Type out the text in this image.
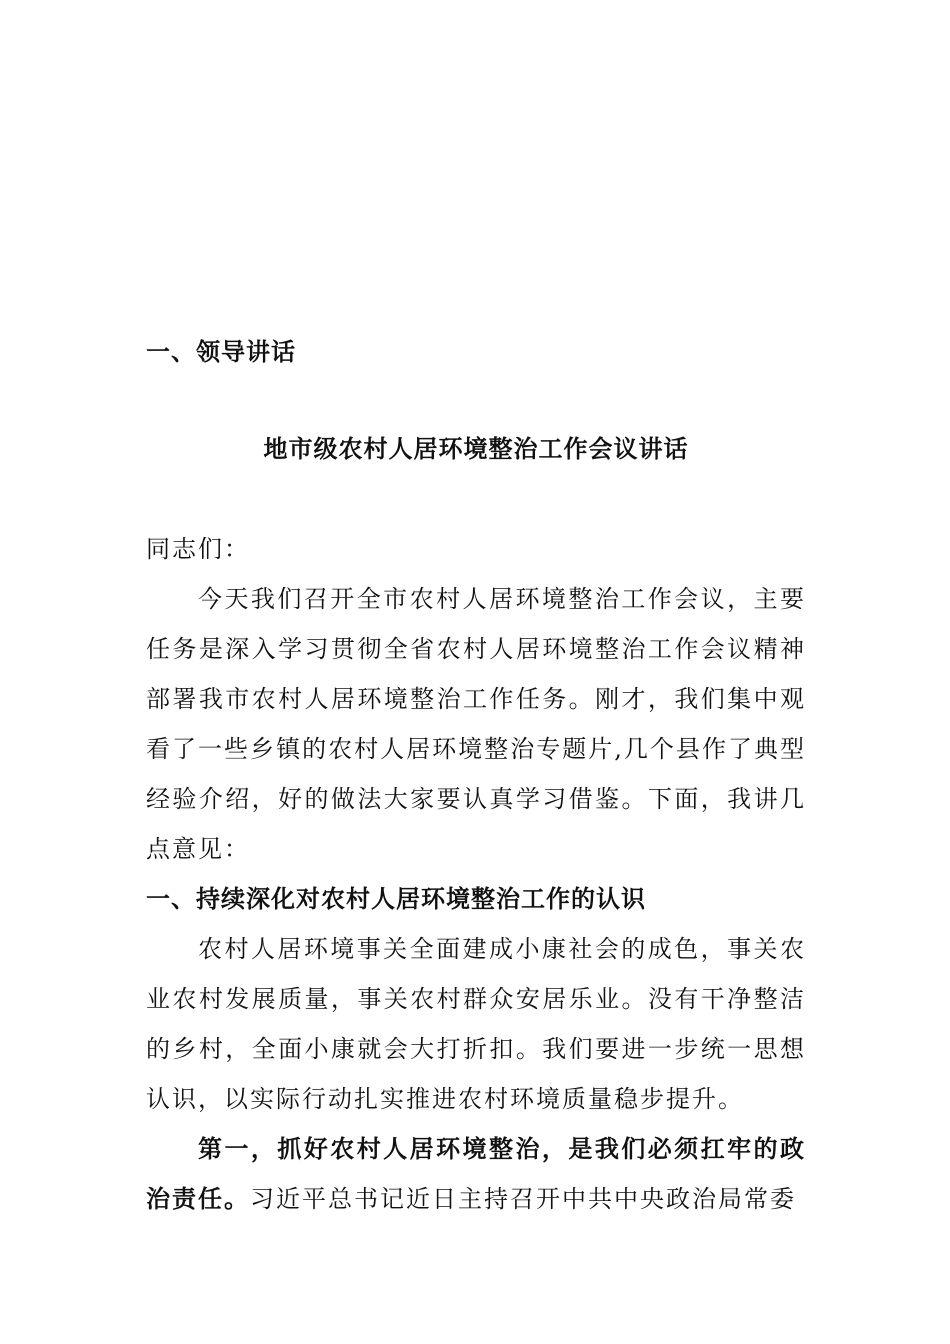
一、领导讲话
地市级农村人居环境整治工作会议讲话

同志们：

今天我们召开全市农村人居环境整治工作会议，主要任务是深入学习贯彻全省农村人居环境整治工作会议精神部署我市农村人居环境整治工作任务。刚才，我们集中观看了一些乡镇的农村人居环境整治专题片,几个县作了典型经验介绍，好的做法大家要认真学习借鉴。下面，我讲几点意见：

一、持续深化对农村人居环境整治工作的认识

农村人居环境事关全面建成小康社会的成色，事关农业农村发展质量，事关农村群众安居乐业。没有干净整洁的乡村，全面小康就会大打折扣。我们要进一步统一思想认识，以实际行动扎实推进农村环境质量稳步提升。

第一，抓好农村人居环境整治，是我们必须扛牢的政治责任。习近平总书记近日主持召开中共中央政治局常委
